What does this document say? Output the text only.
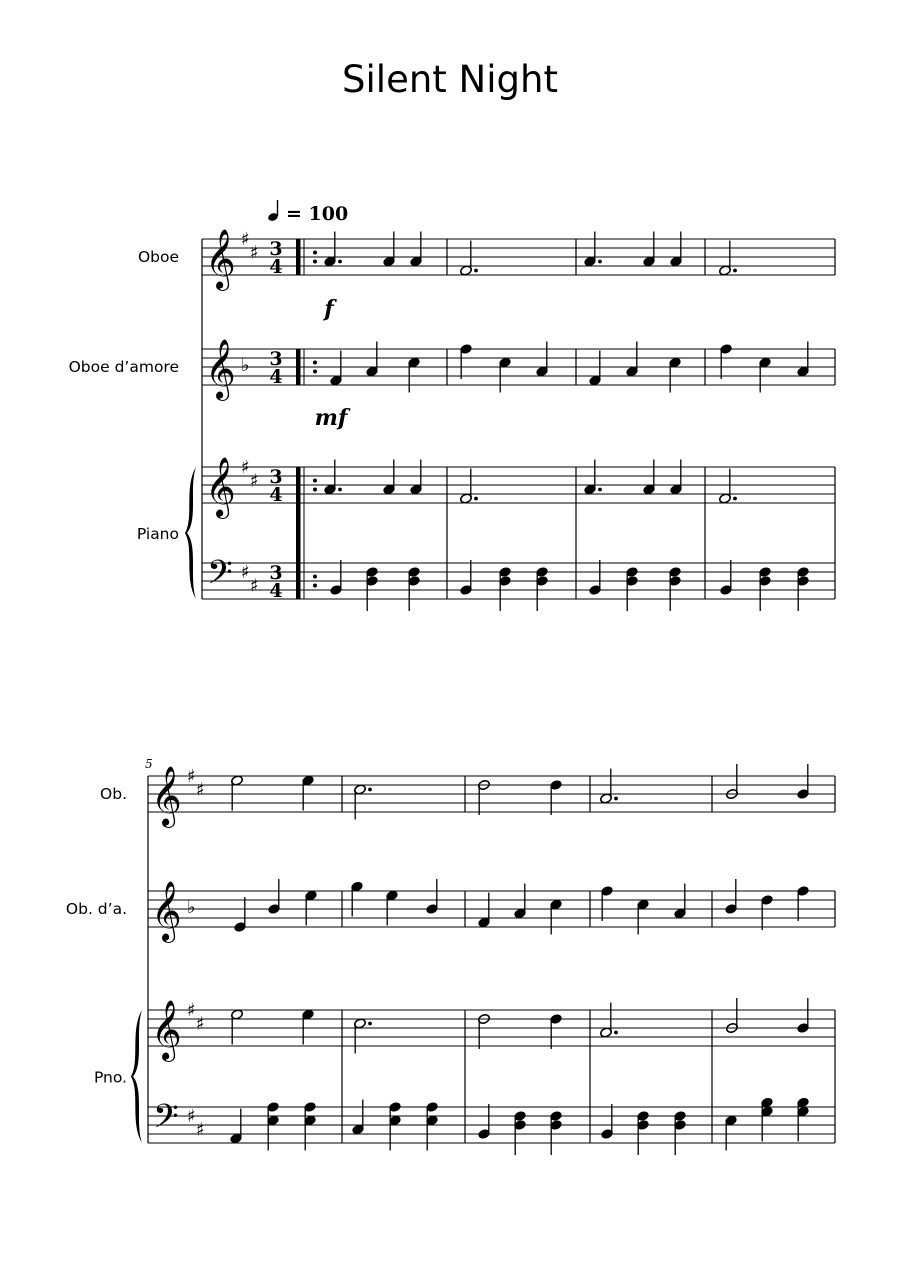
Silent Night
= 100
𝄞
𝄞
𝄞
𝄢
♯
♯
♭
♯
♯
♯
♯
Oboe
Oboe d’amore
Piano
3
4
3
4
3
4
3
4
f
mf
𝄞
𝄞
𝄞
𝄢
♯
♯
♭
♯
♯
♯
♯
Ob.
Ob. d’a.
Pno.
5
